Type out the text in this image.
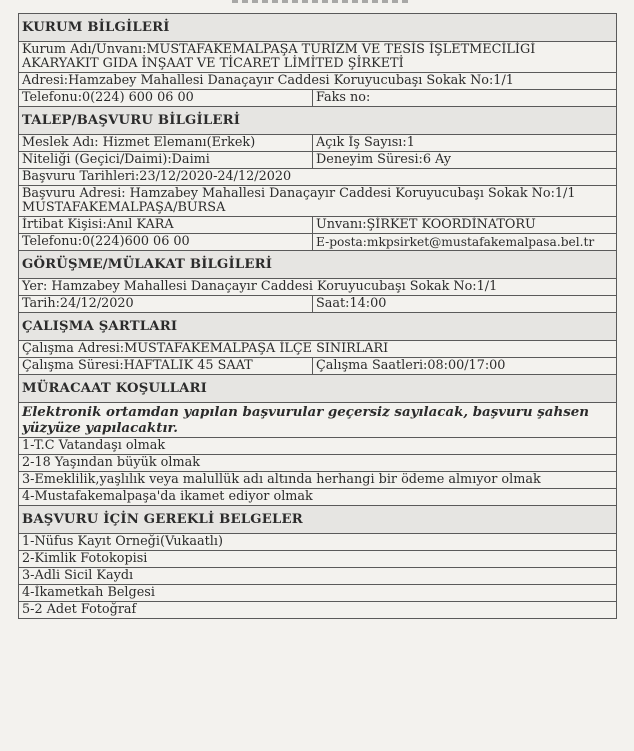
KURUM BİLGİLERİ	
Kurum Adı/Unvanı:MUSTAFAKEMALPAŞA TURİZM VE TESİS İŞLETMECİLİĞİ AKARYAKIT GIDA İNŞAAT VE TİCARET LİMİTED ŞİRKETİ	
Adresi:Hamzabey Mahallesi Danaçayır Caddesi Koruyucubaşı Sokak No:1/1	
Telefonu:0(224) 600 06 00	Faks no:
TALEP/BAŞVURU BİLGİLERİ	
Meslek Adı: Hizmet Elemanı(Erkek)	Açık İş Sayısı:1
Niteliği (Geçici/Daimi):Daimi	Deneyim Süresi:6 Ay
Başvuru Tarihleri:23/12/2020-24/12/2020	
Başvuru Adresi: Hamzabey Mahallesi Danaçayır Caddesi Koruyucubaşı Sokak No:1/1 MUSTAFAKEMALPAŞA/BURSA	
İrtibat Kişisi:Anıl KARA	Unvanı:ŞİRKET KOORDİNATÖRÜ
Telefonu:0(224)600 06 00	E-posta:mkpsirket@mustafakemalpasa.bel.tr
GÖRÜŞME/MÜLAKAT BİLGİLERİ	
Yer: Hamzabey Mahallesi Danaçayır Caddesi Koruyucubaşı Sokak No:1/1	
Tarih:24/12/2020	Saat:14:00
ÇALIŞMA ŞARTLARI	
Çalışma Adresi:MUSTAFAKEMALPAŞA İLÇE SINIRLARI	
Çalışma Süresi:HAFTALIK 45 SAAT	Çalışma Saatleri:08:00/17:00
MÜRACAAT KOŞULLARI	
Elektronik ortamdan yapılan başvurular geçersiz sayılacak, başvuru şahsen yüzyüze yapılacaktır.	
1-T.C Vatandaşı olmak	
2-18 Yaşından büyük olmak	
3-Emeklilik,yaşlılık veya malullük adı altında herhangi bir ödeme almıyor olmak	
4-Mustafakemalpaşa'da ikamet ediyor olmak	
BAŞVURU İÇİN GEREKLİ BELGELER	
1-Nüfus Kayıt Örneği(Vukaatlı)	
2-Kimlik Fotokopisi	
3-Adli Sicil Kaydı	
4-İkametkah Belgesi	
5-2 Adet Fotoğraf	
